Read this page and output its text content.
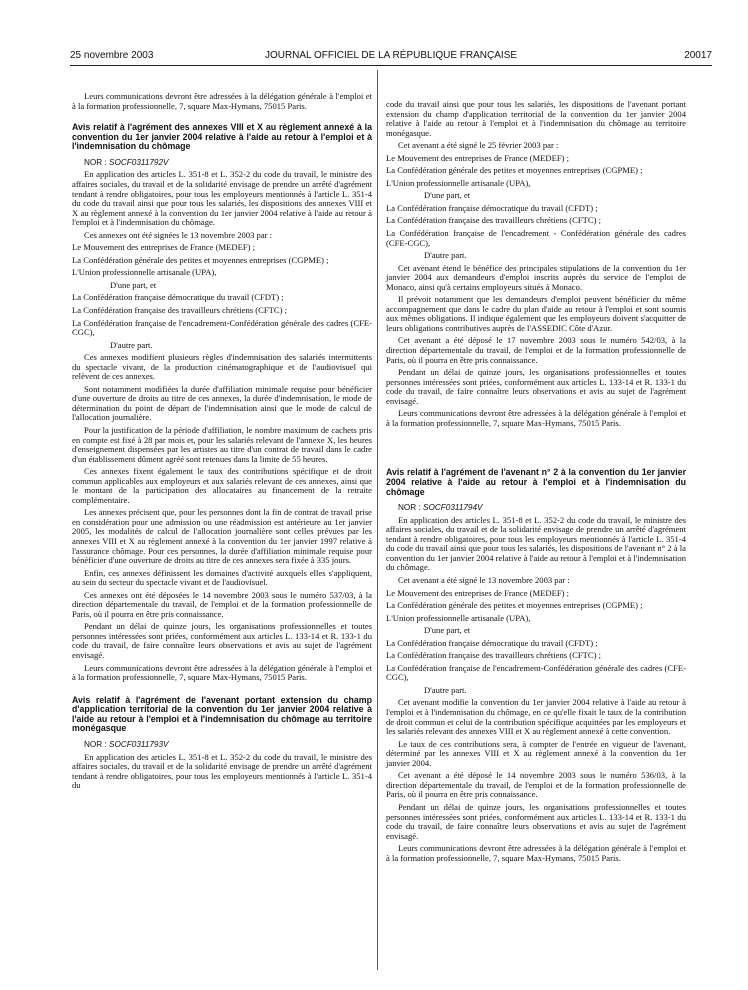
25 novembre 2003	JOURNAL OFFICIEL DE LA RÉPUBLIQUE FRANÇAISE	20017

Leurs communications devront être adressées à la délégation générale à l'emploi et à la formation professionnelle, 7, square Max-Hymans, 75015 Paris.

Avis relatif à l'agrément des annexes VIII et X au règlement annexé à la convention du 1er janvier 2004 relative à l'aide au retour à l'emploi et à l'indemnisation du chômage

NOR : SOCF0311792V

En application des articles L. 351-8 et L. 352-2 du code du travail, le ministre des affaires sociales, du travail et de la solidarité envisage de prendre un arrêté d'agrément tendant à rendre obligatoires, pour tous les employeurs mentionnés à l'article L. 351-4 du code du travail ainsi que pour tous les salariés, les dispositions des annexes VIII et X au règlement annexé à la convention du 1er janvier 2004 relative à l'aide au retour à l'emploi et à l'indemnisation du chômage.

Ces annexes ont été signées le 13 novembre 2003 par :

Le Mouvement des entreprises de France (MEDEF) ;

La Confédération générale des petites et moyennes entreprises (CGPME) ;

L'Union professionnelle artisanale (UPA),

D'une part, et

La Confédération française démocratique du travail (CFDT) ;

La Confédération française des travailleurs chrétiens (CFTC) ;

La Confédération française de l'encadrement-Confédération générale des cadres (CFE-CGC),

D'autre part.

Ces annexes modifient plusieurs règles d'indemnisation des salariés intermittents du spectacle vivant, de la production cinématographique et de l'audiovisuel qui relèvent de ces annexes.

Sont notamment modifiées la durée d'affiliation minimale requise pour bénéficier d'une ouverture de droits au titre de ces annexes, la durée d'indemnisation, le mode de détermination du point de départ de l'indemnisation ainsi que le mode de calcul de l'allocation journalière.

Pour la justification de la période d'affiliation, le nombre maximum de cachets pris en compte est fixé à 28 par mois et, pour les salariés relevant de l'annexe X, les heures d'enseignement dispensées par les artistes au titre d'un contrat de travail dans le cadre d'un établissement dûment agréé sont retenues dans la limite de 55 heures.

Ces annexes fixent également le taux des contributions spécifique et de droit commun applicables aux employeurs et aux salariés relevant de ces annexes, ainsi que le montant de la participation des allocataires au financement de la retraite complémentaire.

Les annexes précisent que, pour les personnes dont la fin de contrat de travail prise en considération pour une admission ou une réadmission est antérieure au 1er janvier 2005, les modalités de calcul de l'allocation journalière sont celles prévues par les annexes VIII et X au règlement annexé à la convention du 1er janvier 1997 relative à l'assurance chômage. Pour ces personnes, la durée d'affiliation minimale requise pour bénéficier d'une ouverture de droits au titre de ces annexes sera fixée à 335 jours.

Enfin, ces annexes définissent les domaines d'activité auxquels elles s'appliquent, au sein du secteur du spectacle vivant et de l'audiovisuel.

Ces annexes ont été déposées le 14 novembre 2003 sous le numéro 537/03, à la direction départementale du travail, de l'emploi et de la formation professionnelle de Paris, où il pourra en être pris connaissance.

Pendant un délai de quinze jours, les organisations professionnelles et toutes personnes intéressées sont priées, conformément aux articles L. 133-14 et R. 133-1 du code du travail, de faire connaître leurs observations et avis au sujet de l'agrément envisagé.

Leurs communications devront être adressées à la délégation générale à l'emploi et à la formation professionnelle, 7, square Max-Hymans, 75015 Paris.

Avis relatif à l'agrément de l'avenant portant extension du champ d'application territorial de la convention du 1er janvier 2004 relative à l'aide au retour à l'emploi et à l'indemnisation du chômage au territoire monégasque

NOR : SOCF0311793V

En application des articles L. 351-8 et L. 352-2 du code du travail, le ministre des affaires sociales, du travail et de la solidarité envisage de prendre un arrêté d'agrément tendant à rendre obligatoires, pour tous les employeurs mentionnés à l'article L. 351-4 du

code du travail ainsi que pour tous les salariés, les dispositions de l'avenant portant extension du champ d'application territorial de la convention du 1er janvier 2004 relative à l'aide au retour à l'emploi et à l'indemnisation du chômage au territoire monégasque.

Cet avenant a été signé le 25 février 2003 par :

Le Mouvement des entreprises de France (MEDEF) ;

La Confédération générale des petites et moyennes entreprises (CGPME) ;

L'Union professionnelle artisanale (UPA),

D'une part, et

La Confédération française démocratique du travail (CFDT) ;

La Confédération française des travailleurs chrétiens (CFTC) ;

La Confédération française de l'encadrement - Confédération générale des cadres (CFE-CGC),

D'autre part.

Cet avenant étend le bénéfice des principales stipulations de la convention du 1er janvier 2004 aux demandeurs d'emploi inscrits auprès du service de l'emploi de Monaco, ainsi qu'à certains employeurs situés à Monaco.

Il prévoit notamment que les demandeurs d'emploi peuvent bénéficier du même accompagnement que dans le cadre du plan d'aide au retour à l'emploi et sont soumis aux mêmes obligations. Il indique également que les employeurs doivent s'acquitter de leurs obligations contributives auprès de l'ASSEDIC Côte d'Azur.

Cet avenant a été déposé le 17 novembre 2003 sous le numéro 542/03, à la direction départementale du travail, de l'emploi et de la formation professionnelle de Paris, où il pourra en être pris connaissance.

Pendant un délai de quinze jours, les organisations professionnelles et toutes personnes intéressées sont priées, conformément aux articles L. 133-14 et R. 133-1 du code du travail, de faire connaître leurs observations et avis au sujet de l'agrément envisagé.

Leurs communications devront être adressées à la délégation générale à l'emploi et à la formation professionnelle, 7, square Max-Hymans, 75015 Paris.

Avis relatif à l'agrément de l'avenant n° 2 à la convention du 1er janvier 2004 relative à l'aide au retour à l'emploi et à l'indemnisation du chômage

NOR : SOCF0311794V

En application des articles L. 351-8 et L. 352-2 du code du travail, le ministre des affaires sociales, du travail et de la solidarité envisage de prendre un arrêté d'agrément tendant à rendre obligatoires, pour tous les employeurs mentionnés à l'article L. 351-4 du code du travail ainsi que pour tous les salariés, les dispositions de l'avenant n° 2 à la convention du 1er janvier 2004 relative à l'aide au retour à l'emploi et à l'indemnisation du chômage.

Cet avenant a été signé le 13 novembre 2003 par :

Le Mouvement des entreprises de France (MEDEF) ;

La Confédération générale des petites et moyennes entreprises (CGPME) ;

L'Union professionnelle artisanale (UPA),

D'une part, et

La Confédération française démocratique du travail (CFDT) ;

La Confédération française des travailleurs chrétiens (CFTC) ;

La Confédération française de l'encadrement-Confédération générale des cadres (CFE-CGC),

D'autre part.

Cet avenant modifie la convention du 1er janvier 2004 relative à l'aide au retour à l'emploi et à l'indemnisation du chômage, en ce qu'elle fixait le taux de la contribution de droit commun et celui de la contribution spécifique acquittées par les employeurs et les salariés relevant des annexes VIII et X au règlement annexé à cette convention.

Le taux de ces contributions sera, à compter de l'entrée en vigueur de l'avenant, déterminé par les annexes VIII et X au règlement annexé à la convention du 1er janvier 2004.

Cet avenant a été déposé le 14 novembre 2003 sous le numéro 536/03, à la direction départementale du travail, de l'emploi et de la formation professionnelle de Paris, où il pourra en être pris connaissance.

Pendant un délai de quinze jours, les organisations professionnelles et toutes personnes intéressées sont priées, conformément aux articles L. 133-14 et R. 133-1 du code du travail, de faire connaître leurs observations et avis au sujet de l'agrément envisagé.

Leurs communications devront être adressées à la délégation générale à l'emploi et à la formation professionnelle, 7, square Max-Hymans, 75015 Paris.
